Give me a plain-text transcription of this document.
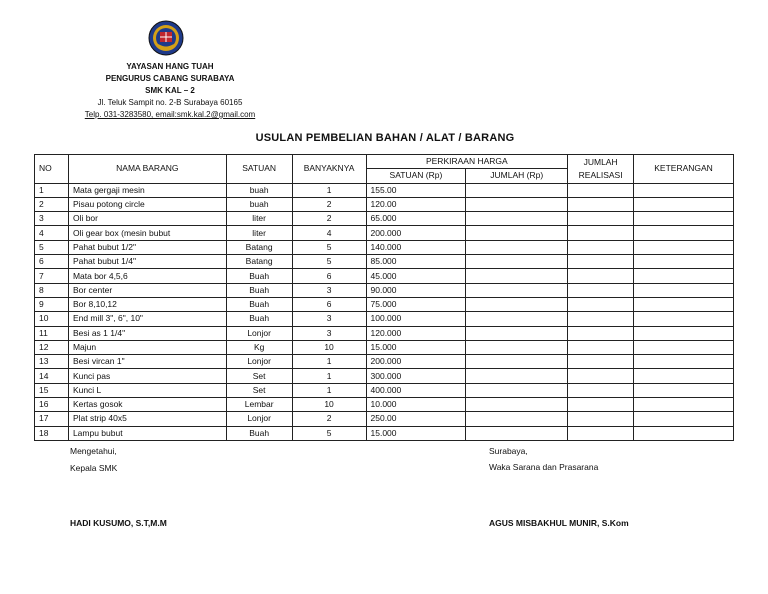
YAYASAN HANG TUAH
PENGURUS CABANG SURABAYA
SMK KAL – 2
Jl. Teluk Sampit no. 2-B Surabaya 60165
Telp. 031-3283580, email:smk.kal.2@gmail.com
USULAN PEMBELIAN BAHAN / ALAT / BARANG
NO	NAMA BARANG	SATUAN	BANYAKNYA	PERKIRAAN HARGA		JUMLAH REALISASI	KETERANGAN
				SATUAN (Rp)	JUMLAH (Rp)		
1	Mata gergaji mesin	buah	1	155.00			
2	Pisau potong circle	buah	2	120.00			
3	Oli bor	liter	2	65.000			
4	Oli gear box (mesin bubut	liter	4	200.000			
5	Pahat bubut 1/2"	Batang	5	140.000			
6	Pahat bubut 1/4"	Batang	5	85.000			
7	Mata bor 4,5,6	Buah	6	45.000			
8	Bor center	Buah	3	90.000			
9	Bor 8,10,12	Buah	6	75.000			
10	End mill 3", 6", 10"	Buah	3	100.000			
11	Besi as 1 1/4"	Lonjor	3	120.000			
12	Majun	Kg	10	15.000			
13	Besi vircan 1"	Lonjor	1	200.000			
14	Kunci pas	Set	1	300.000			
15	Kunci L	Set	1	400.000			
16	Kertas gosok	Lembar	10	10.000			
17	Plat strip 40x5	Lonjor	2	250.00			
18	Lampu bubut	Buah	5	15.000			
Mengetahui,
Kepala SMK
HADI KUSUMO, S.T,M.M
Surabaya,
Waka Sarana dan Prasarana
AGUS MISBAKHUL MUNIR, S.Kom
